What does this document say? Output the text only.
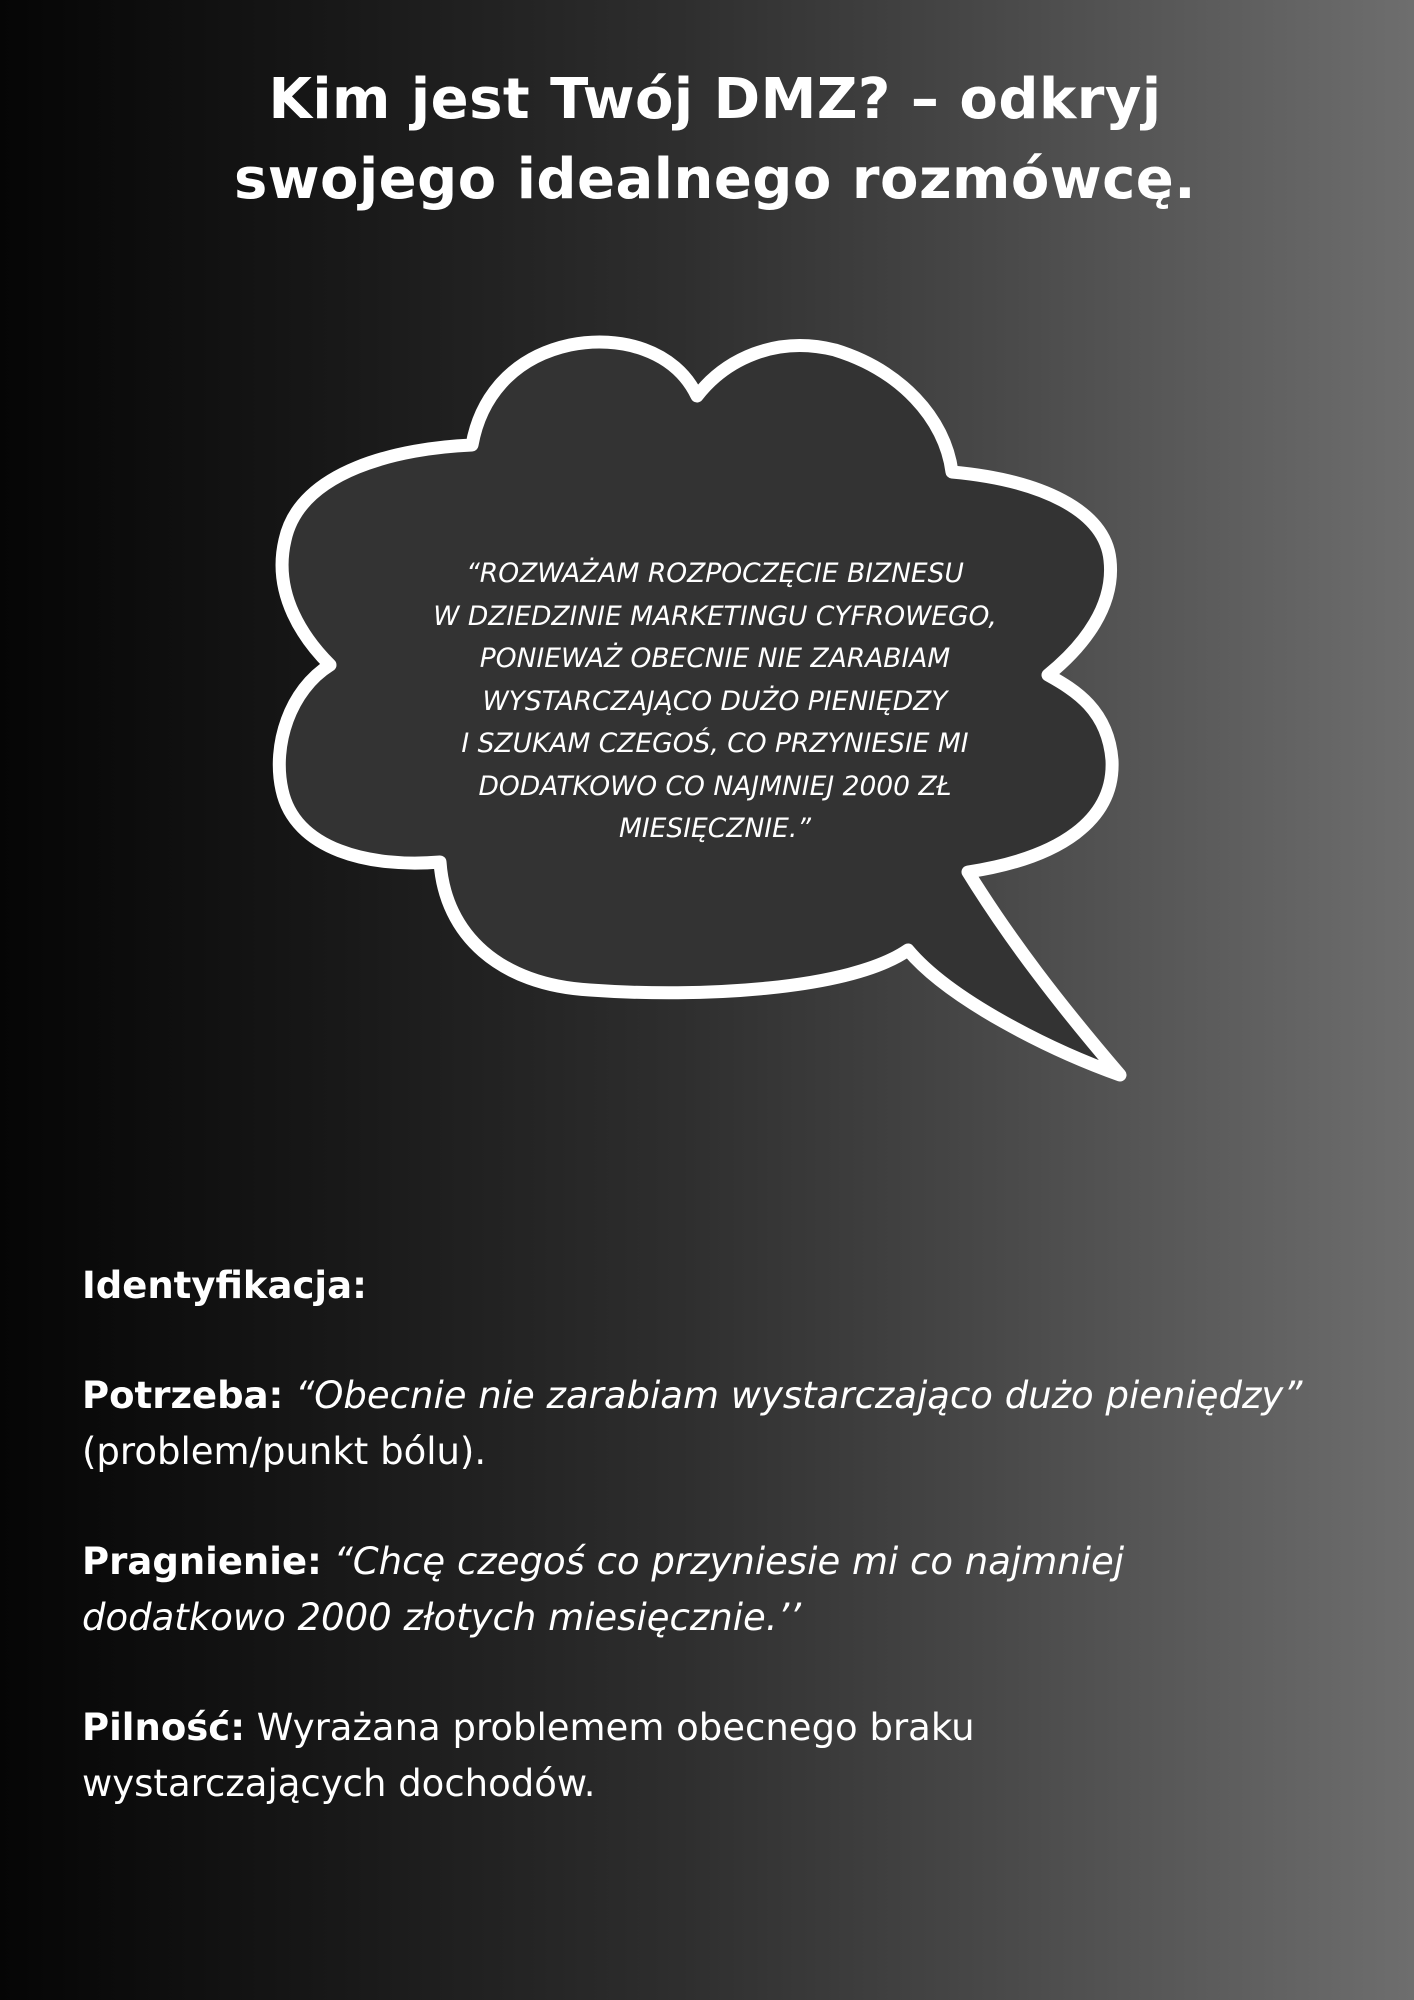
Kim jest Twój DMZ? – odkryj
swojego idealnego rozmówcę.
“ROZWAŻAM ROZPOCZĘCIE BIZNESU
W DZIEDZINIE MARKETINGU CYFROWEGO,
PONIEWAŻ OBECNIE NIE ZARABIAM
WYSTARCZAJĄCO DUŻO PIENIĘDZY
I SZUKAM CZEGOŚ, CO PRZYNIESIE MI
DODATKOWO CO NAJMNIEJ 2000 ZŁ
MIESIĘCZNIE.”
Identyfikacja:
Potrzeba: “Obecnie nie zarabiam wystarczająco dużo pieniędzy”
(problem/punkt bólu).
Pragnienie: “Chcę czegoś co przyniesie mi co najmniej
dodatkowo 2000 złotych miesięcznie.’’
Pilność: Wyrażana problemem obecnego braku
wystarczających dochodów.
